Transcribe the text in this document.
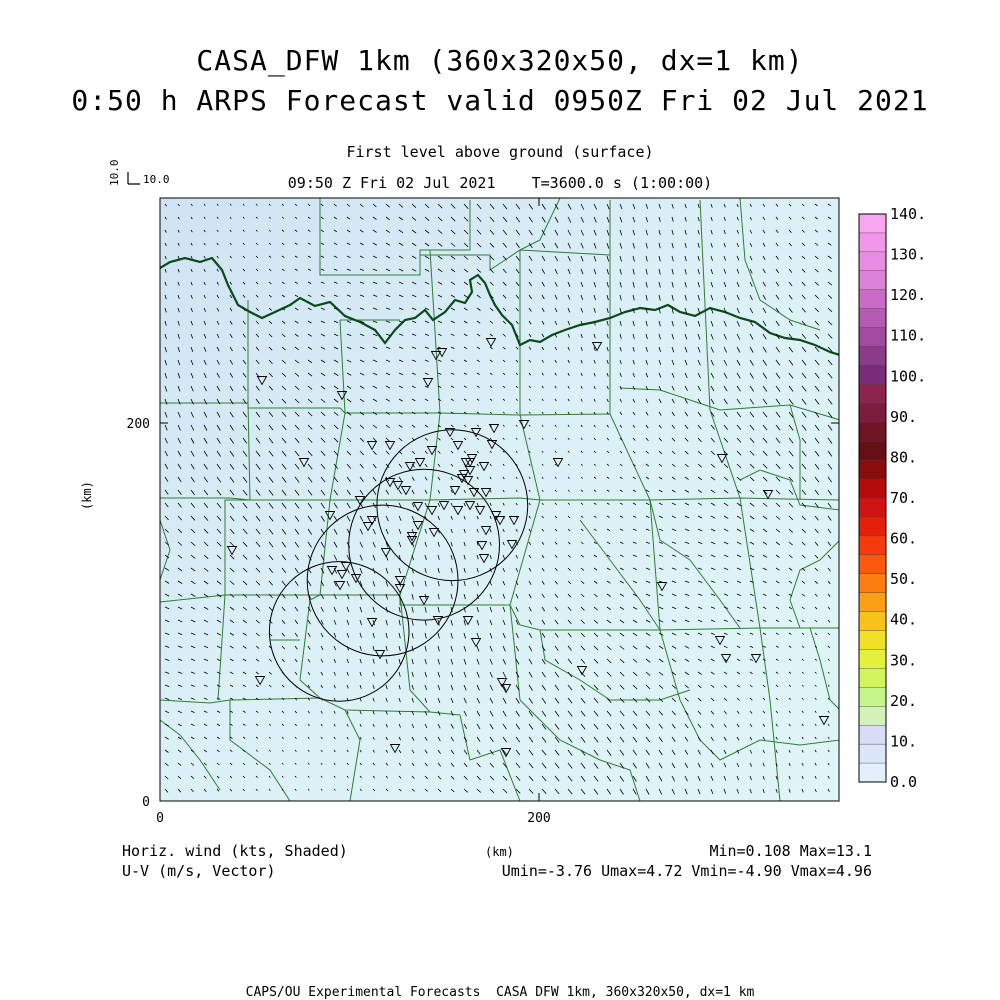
CASA_DFW 1km (360x320x50, dx=1 km)
0:50 h ARPS Forecast valid 0950Z Fri 02 Jul 2021
First level above ground (surface)
09:50 Z Fri 02 Jul 2021    T=3600.0 s (1:00:00)
10.0 10.0
(km)
(km)
Horiz. wind (kts, Shaded)
U-V (m/s, Vector)
Min=0.108 Max=13.1
Umin=-3.76 Umax=4.72 Vmin=-4.90 Vmax=4.96
CAPS/OU Experimental Forecasts  CASA DFW 1km, 360x320x50, dx=1 km
200
0
0	200
140.
130.
120.
110.
100.
90.
80.
70.
60.
50.
40.
30.
20.
10.
0.0
